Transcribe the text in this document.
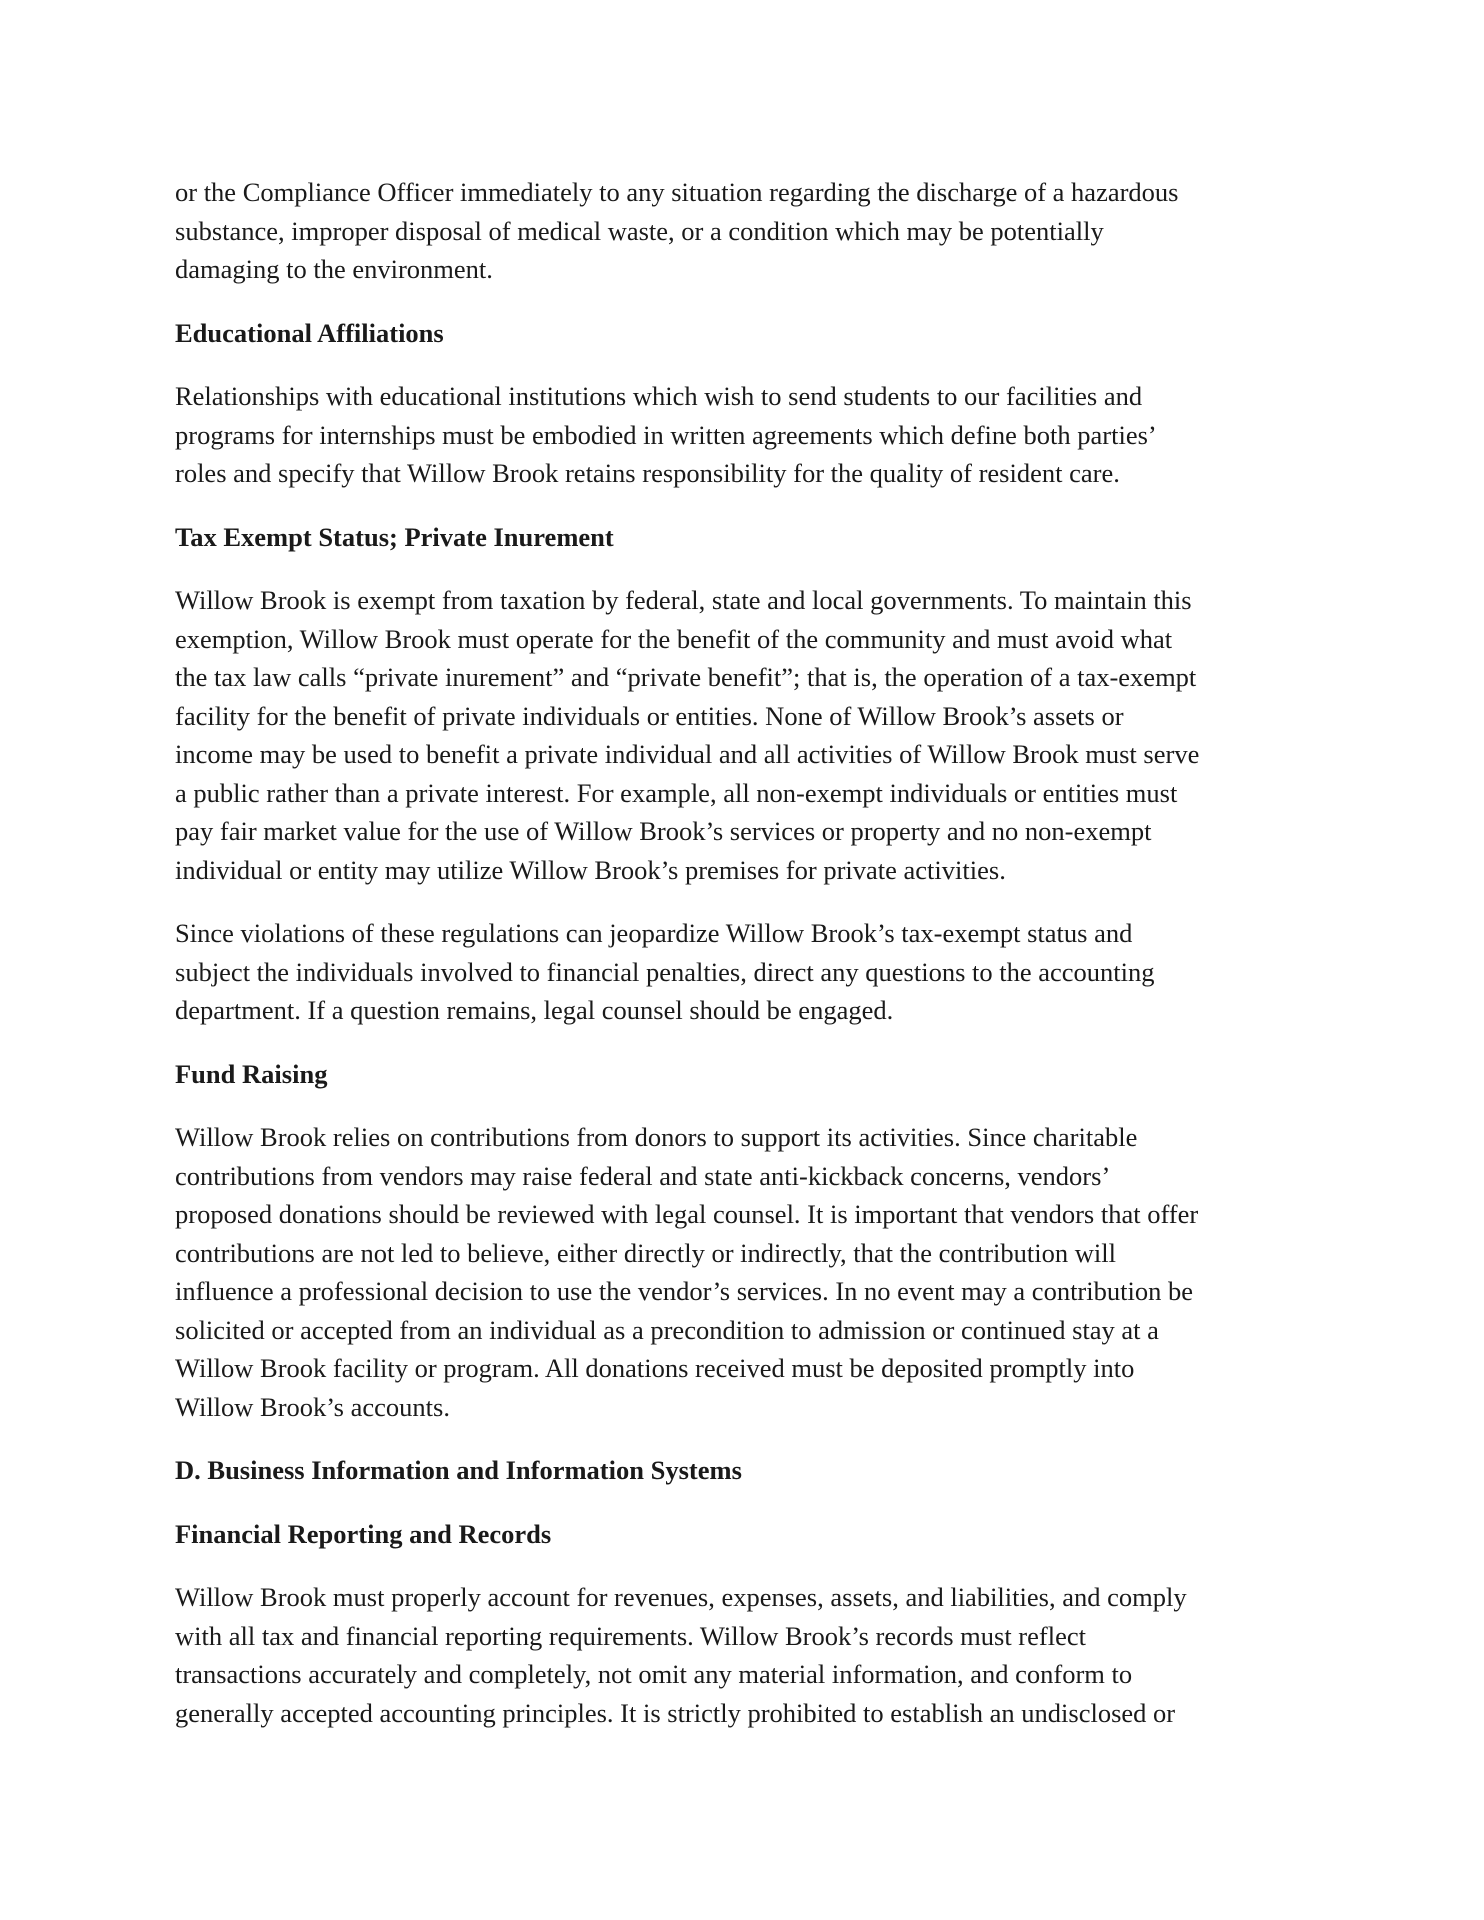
or the Compliance Officer immediately to any situation regarding the discharge of a hazardous
substance, improper disposal of medical waste, or a condition which may be potentially
damaging to the environment.

Educational Affiliations

Relationships with educational institutions which wish to send students to our facilities and
programs for internships must be embodied in written agreements which define both parties’
roles and specify that Willow Brook retains responsibility for the quality of resident care.

Tax Exempt Status; Private Inurement

Willow Brook is exempt from taxation by federal, state and local governments. To maintain this
exemption, Willow Brook must operate for the benefit of the community and must avoid what
the tax law calls “private inurement” and “private benefit”; that is, the operation of a tax-exempt
facility for the benefit of private individuals or entities. None of Willow Brook’s assets or
income may be used to benefit a private individual and all activities of Willow Brook must serve
a public rather than a private interest. For example, all non-exempt individuals or entities must
pay fair market value for the use of Willow Brook’s services or property and no non-exempt
individual or entity may utilize Willow Brook’s premises for private activities.

Since violations of these regulations can jeopardize Willow Brook’s tax-exempt status and
subject the individuals involved to financial penalties, direct any questions to the accounting
department. If a question remains, legal counsel should be engaged.

Fund Raising

Willow Brook relies on contributions from donors to support its activities. Since charitable
contributions from vendors may raise federal and state anti-kickback concerns, vendors’
proposed donations should be reviewed with legal counsel. It is important that vendors that offer
contributions are not led to believe, either directly or indirectly, that the contribution will
influence a professional decision to use the vendor’s services. In no event may a contribution be
solicited or accepted from an individual as a precondition to admission or continued stay at a
Willow Brook facility or program. All donations received must be deposited promptly into
Willow Brook’s accounts.

D. Business Information and Information Systems
Financial Reporting and Records

Willow Brook must properly account for revenues, expenses, assets, and liabilities, and comply
with all tax and financial reporting requirements. Willow Brook’s records must reflect
transactions accurately and completely, not omit any material information, and conform to
generally accepted accounting principles. It is strictly prohibited to establish an undisclosed or
